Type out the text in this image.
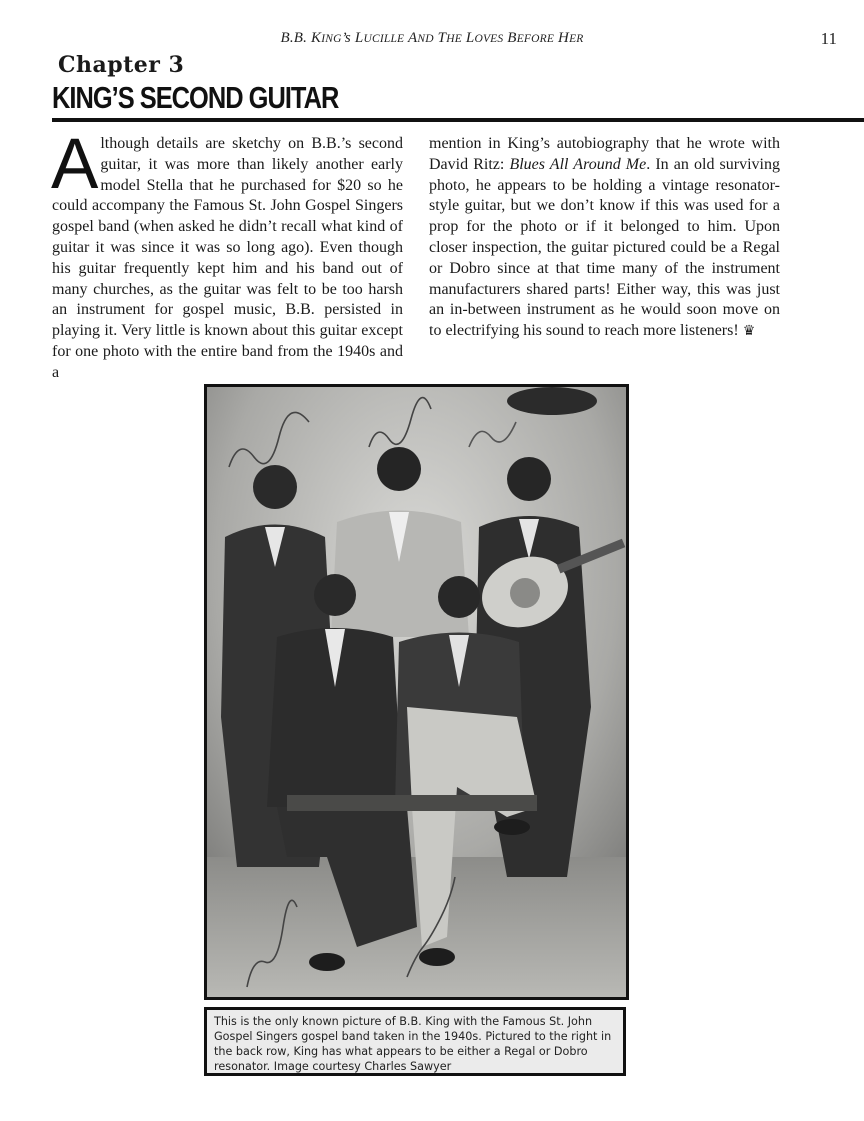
B.B. KING’s LUCILLE AND THE LOVES BEFORE HER	11
Chapter 3
KING’S SECOND GUITAR

Although details are sketchy on B.B.’s second guitar, it was more than likely another early model Stella that he purchased for $20 so he could accompany the Famous St. John Gospel Singers gospel band (when asked he didn’t recall what kind of guitar it was since it was so long ago). Even though his guitar frequently kept him and his band out of many churches, as the guitar was felt to be too harsh an instrument for gospel music, B.B. persisted in playing it. Very little is known about this guitar except for one photo with the entire band from the 1940s and a

mention in King’s autobiography that he wrote with David Ritz: Blues All Around Me. In an old surviving photo, he appears to be holding a vintage resonator-style guitar, but we don’t know if this was used for a prop for the photo or if it belonged to him. Upon closer inspection, the guitar pictured could be a Regal or Dobro since at that time many of the instrument manufacturers shared parts! Either way, this was just an in-between instrument as he would soon move on to electrifying his sound to reach more listeners! ♛

This is the only known picture of B.B. King with the Famous St. John Gospel Singers gospel band taken in the 1940s. Pictured to the right in the back row, King has what appears to be either a Regal or Dobro resonator. Image courtesy Charles Sawyer
